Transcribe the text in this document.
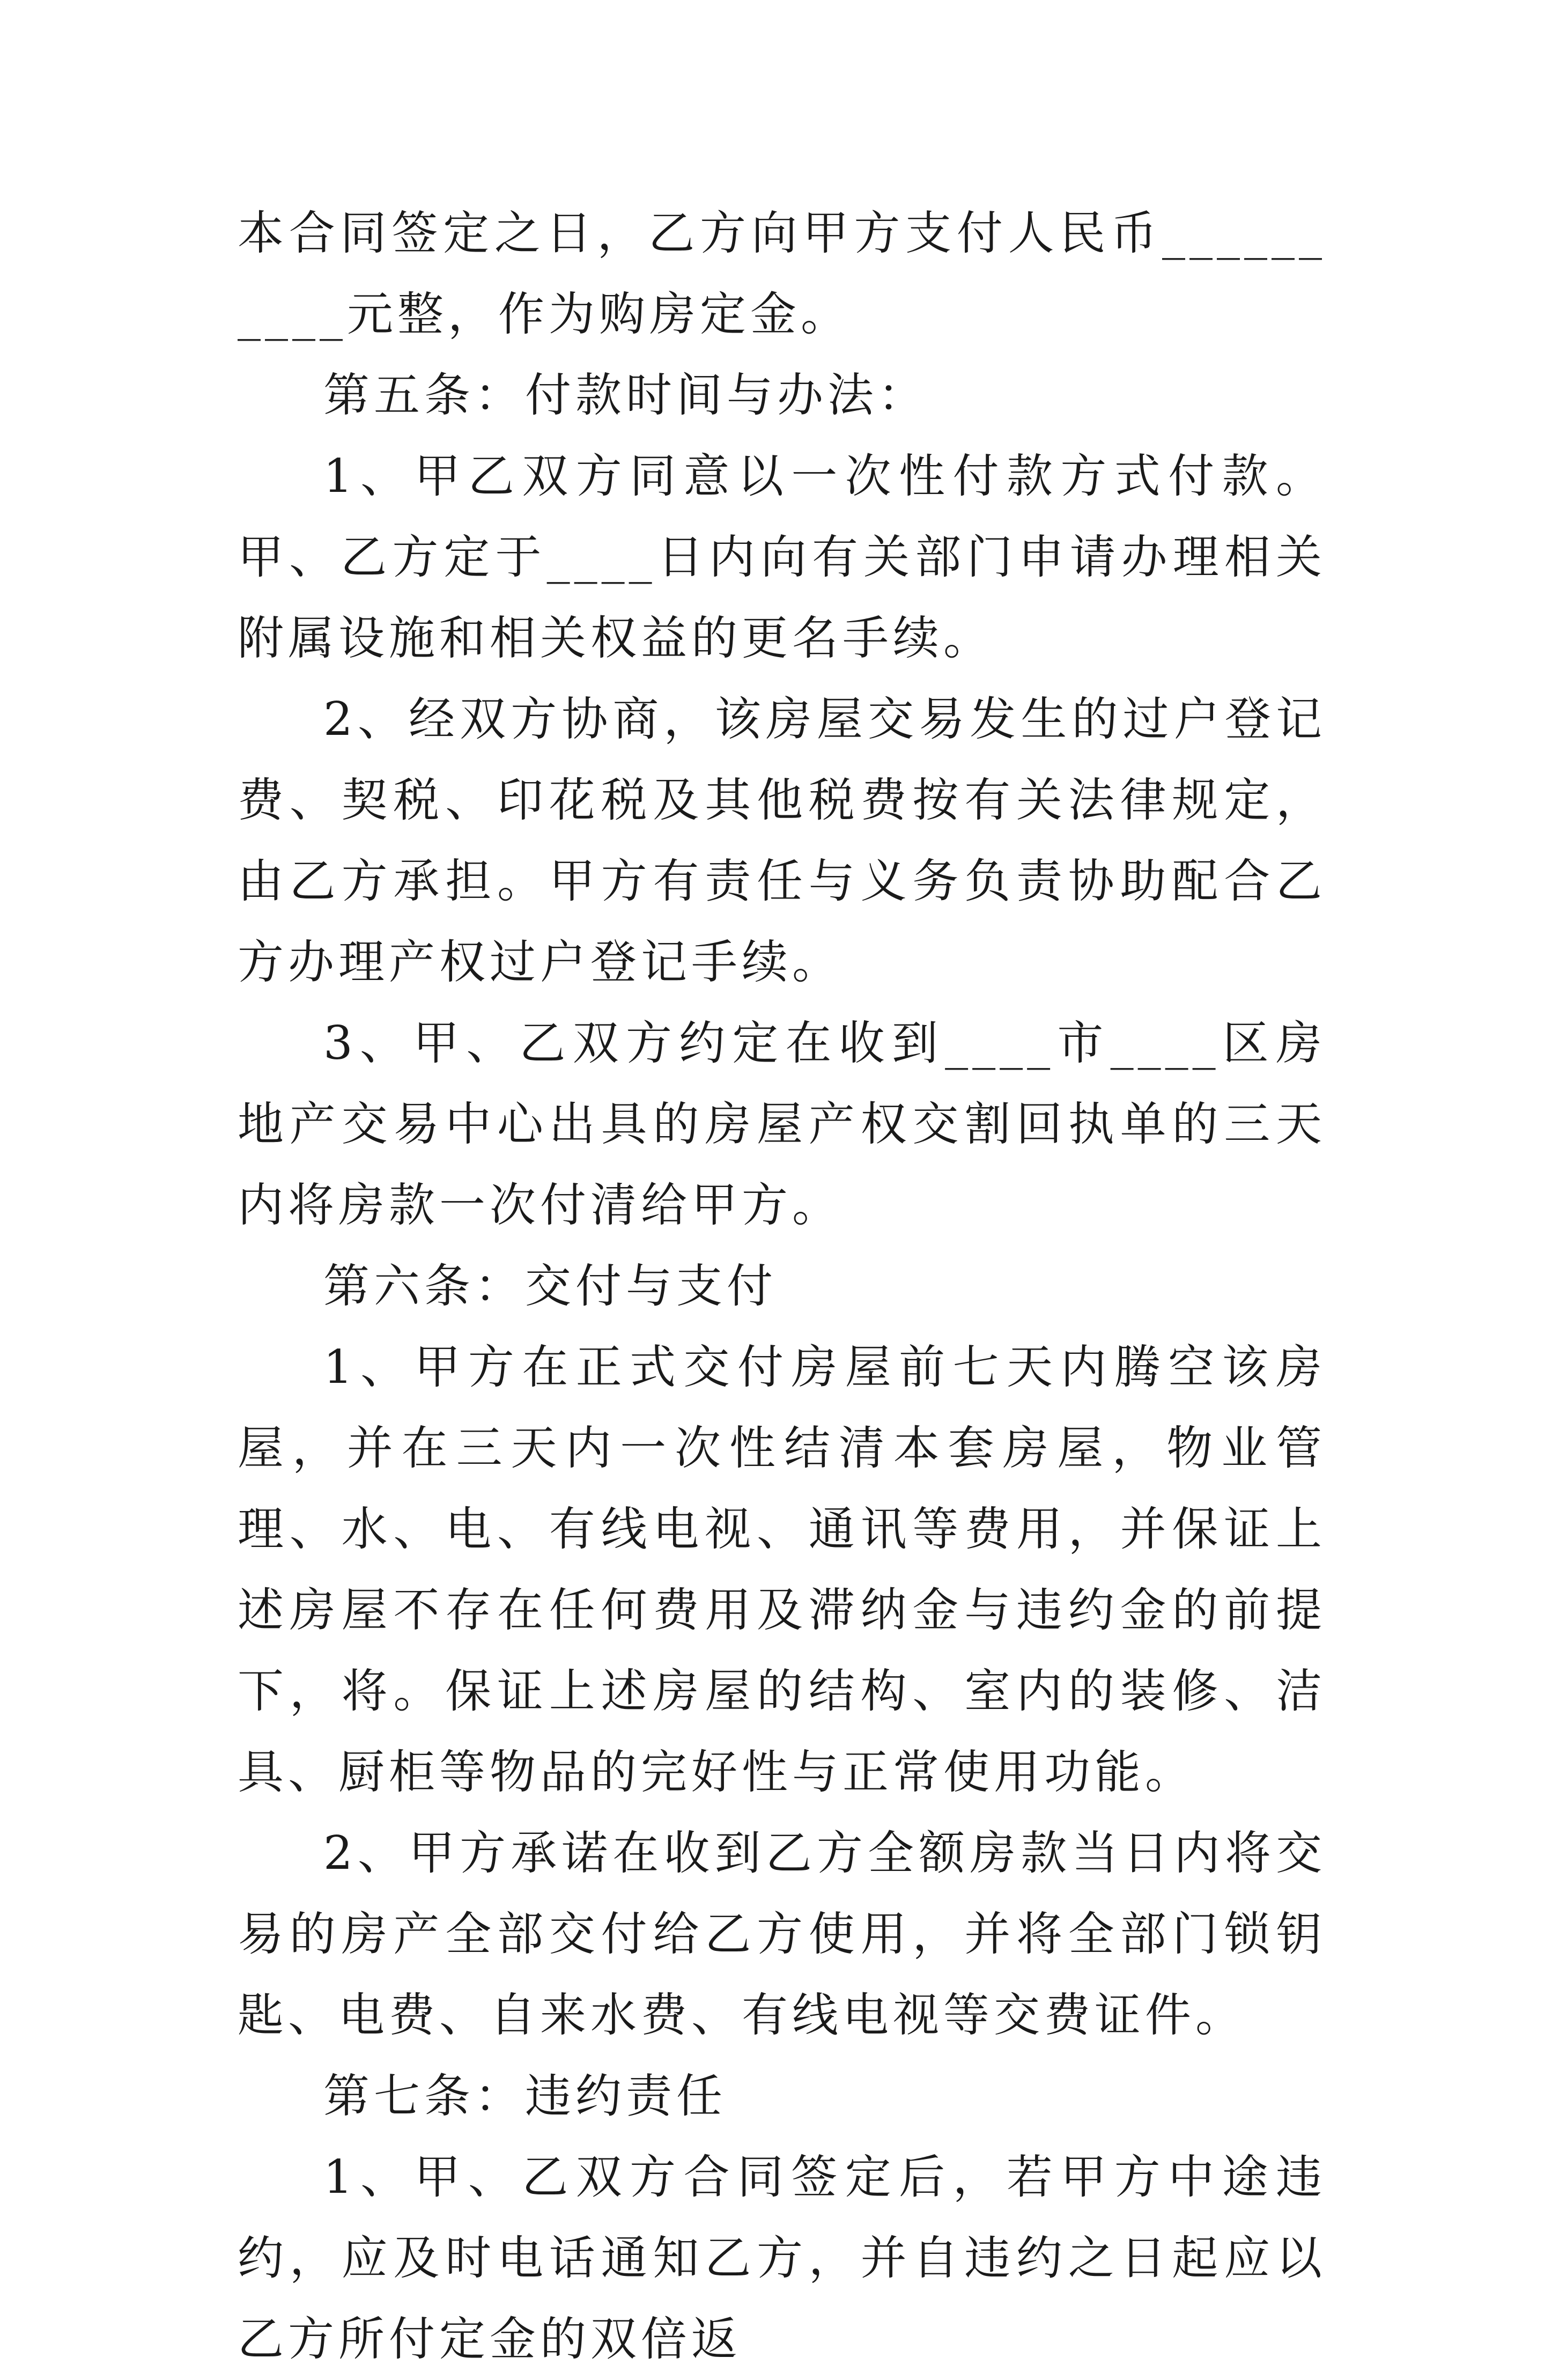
本合同签定之日，乙方向甲方支付人民币__________元整，作为购房定金。

第五条：付款时间与办法：

1、甲乙双方同意以一次性付款方式付款。甲、乙方定于____日内向有关部门申请办理相关附属设施和相关权益的更名手续。

2、经双方协商，该房屋交易发生的过户登记费、契税、印花税及其他税费按有关法律规定，由乙方承担。甲方有责任与义务负责协助配合乙方办理产权过户登记手续。

3、甲、乙双方约定在收到____市____区房地产交易中心出具的房屋产权交割回执单的三天内将房款一次付清给甲方。

第六条：交付与支付

1、甲方在正式交付房屋前七天内腾空该房屋，并在三天内一次性结清本套房屋，物业管理、水、电、有线电视、通讯等费用，并保证上述房屋不存在任何费用及滞纳金与违约金的前提下，将。保证上述房屋的结构、室内的装修、洁具、厨柜等物品的完好性与正常使用功能。

2、甲方承诺在收到乙方全额房款当日内将交易的房产全部交付给乙方使用，并将全部门锁钥匙、电费、自来水费、有线电视等交费证件。

第七条：违约责任

1、甲、乙双方合同签定后，若甲方中途违约，应及时电话通知乙方，并自违约之日起应以乙方所付定金的双倍返
